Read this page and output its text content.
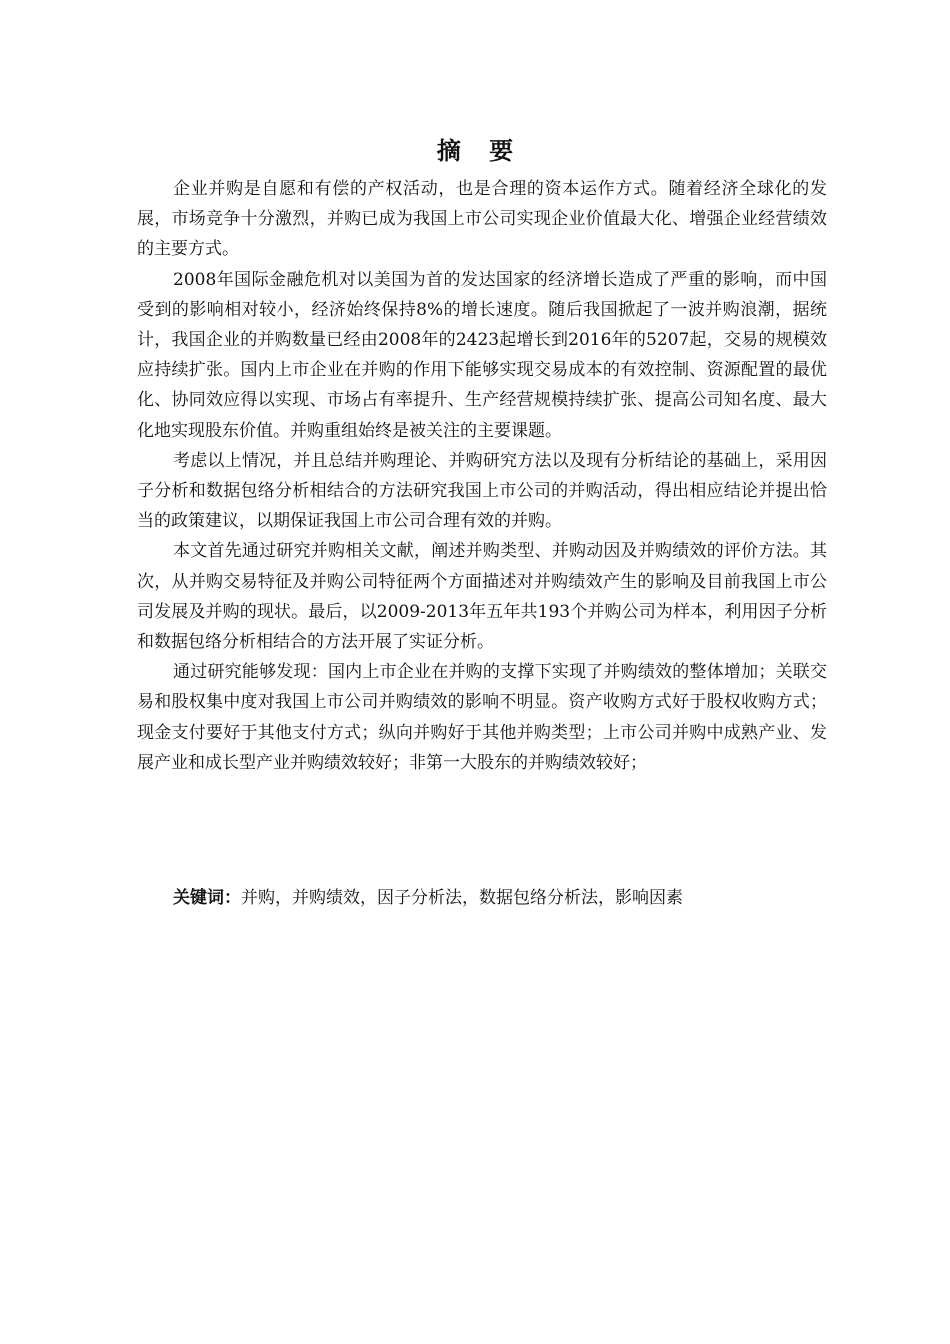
摘 要

企业并购是自愿和有偿的产权活动，也是合理的资本运作方式。随着经济全球化的发展，市场竞争十分激烈，并购已成为我国上市公司实现企业价值最大化、增强企业经营绩效的主要方式。

2008年国际金融危机对以美国为首的发达国家的经济增长造成了严重的影响，而中国受到的影响相对较小，经济始终保持8%的增长速度。随后我国掀起了一波并购浪潮，据统计，我国企业的并购数量已经由2008年的2423起增长到2016年的5207起，交易的规模效应持续扩张。国内上市企业在并购的作用下能够实现交易成本的有效控制、资源配置的最优化、协同效应得以实现、市场占有率提升、生产经营规模持续扩张、提高公司知名度、最大化地实现股东价值。并购重组始终是被关注的主要课题。

考虑以上情况，并且总结并购理论、并购研究方法以及现有分析结论的基础上，采用因子分析和数据包络分析相结合的方法研究我国上市公司的并购活动，得出相应结论并提出恰当的政策建议，以期保证我国上市公司合理有效的并购。

本文首先通过研究并购相关文献，阐述并购类型、并购动因及并购绩效的评价方法。其次，从并购交易特征及并购公司特征两个方面描述对并购绩效产生的影响及目前我国上市公司发展及并购的现状。最后，以2009-2013年五年共193个并购公司为样本，利用因子分析和数据包络分析相结合的方法开展了实证分析。

通过研究能够发现：国内上市企业在并购的支撑下实现了并购绩效的整体增加；关联交易和股权集中度对我国上市公司并购绩效的影响不明显。资产收购方式好于股权收购方式；现金支付要好于其他支付方式；纵向并购好于其他并购类型；上市公司并购中成熟产业、发展产业和成长型产业并购绩效较好；非第一大股东的并购绩效较好；

关键词：并购，并购绩效，因子分析法，数据包络分析法，影响因素
